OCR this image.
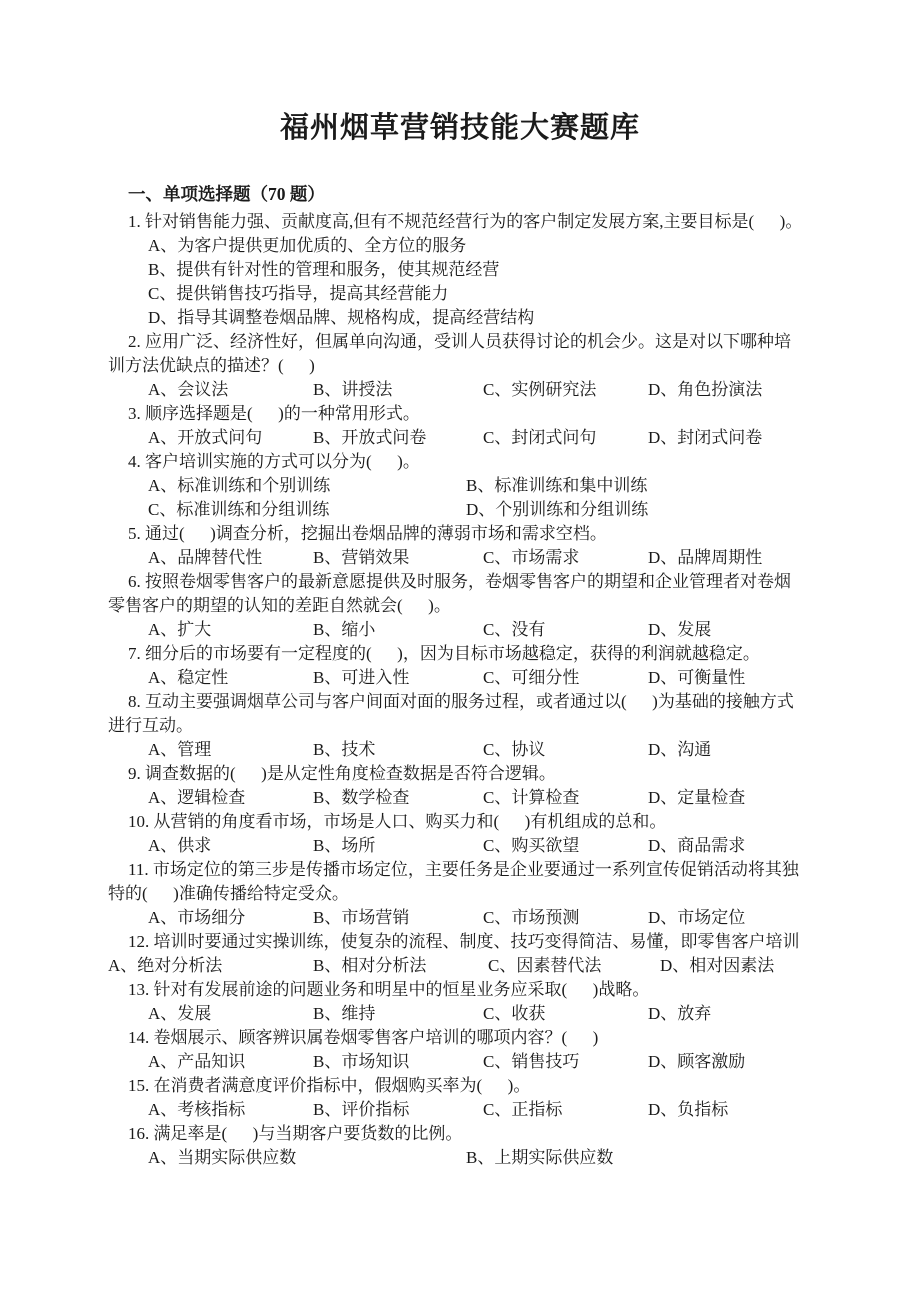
福州烟草营销技能大赛题库
一、单项选择题（70 题）
1. 针对销售能力强、贡献度高,但有不规范经营行为的客户制定发展方案,主要目标是(      )。
A、为客户提供更加优质的、全方位的服务
B、提供有针对性的管理和服务，使其规范经营
C、提供销售技巧指导，提高其经营能力
D、指导其调整卷烟品牌、规格构成，提高经营结构
2. 应用广泛、经济性好，但属单向沟通，受训人员获得讨论的机会少。这是对以下哪种培
训方法优缺点的描述？(      )
A、会议法	B、讲授法	C、实例研究法	D、角色扮演法
3. 顺序选择题是(      )的一种常用形式。
A、开放式问句	B、开放式问卷	C、封闭式问句	D、封闭式问卷
4. 客户培训实施的方式可以分为(      )。
A、标准训练和个别训练	B、标准训练和集中训练
C、标准训练和分组训练	D、个别训练和分组训练
5. 通过(      )调查分析，挖掘出卷烟品牌的薄弱市场和需求空档。
A、品牌替代性	B、营销效果	C、市场需求	D、品牌周期性
6. 按照卷烟零售客户的最新意愿提供及时服务，卷烟零售客户的期望和企业管理者对卷烟
零售客户的期望的认知的差距自然就会(      )。
A、扩大	B、缩小	C、没有	D、发展
7. 细分后的市场要有一定程度的(      )，因为目标市场越稳定，获得的利润就越稳定。
A、稳定性	B、可进入性	C、可细分性	D、可衡量性
8. 互动主要强调烟草公司与客户间面对面的服务过程，或者通过以(      )为基础的接触方式
进行互动。
A、管理	B、技术	C、协议	D、沟通
9. 调查数据的(      )是从定性角度检查数据是否符合逻辑。
A、逻辑检查	B、数学检查	C、计算检查	D、定量检查
10. 从营销的角度看市场，市场是人口、购买力和(      )有机组成的总和。
A、供求	B、场所	C、购买欲望	D、商品需求
11. 市场定位的第三步是传播市场定位，主要任务是企业要通过一系列宣传促销活动将其独
特的(      )准确传播给特定受众。
A、市场细分	B、市场营销	C、市场预测	D、市场定位
12. 培训时要通过实操训练，使复杂的流程、制度、技巧变得简洁、易懂，即零售客户培训
A、绝对分析法	B、相对分析法	C、因素替代法	D、相对因素法
13. 针对有发展前途的问题业务和明星中的恒星业务应采取(      )战略。
A、发展	B、维持	C、收获	D、放弃
14. 卷烟展示、顾客辨识属卷烟零售客户培训的哪项内容？(      )
A、产品知识	B、市场知识	C、销售技巧	D、顾客激励
15. 在消费者满意度评价指标中，假烟购买率为(      )。
A、考核指标	B、评价指标	C、正指标	D、负指标
16. 满足率是(      )与当期客户要货数的比例。
A、当期实际供应数	B、上期实际供应数
